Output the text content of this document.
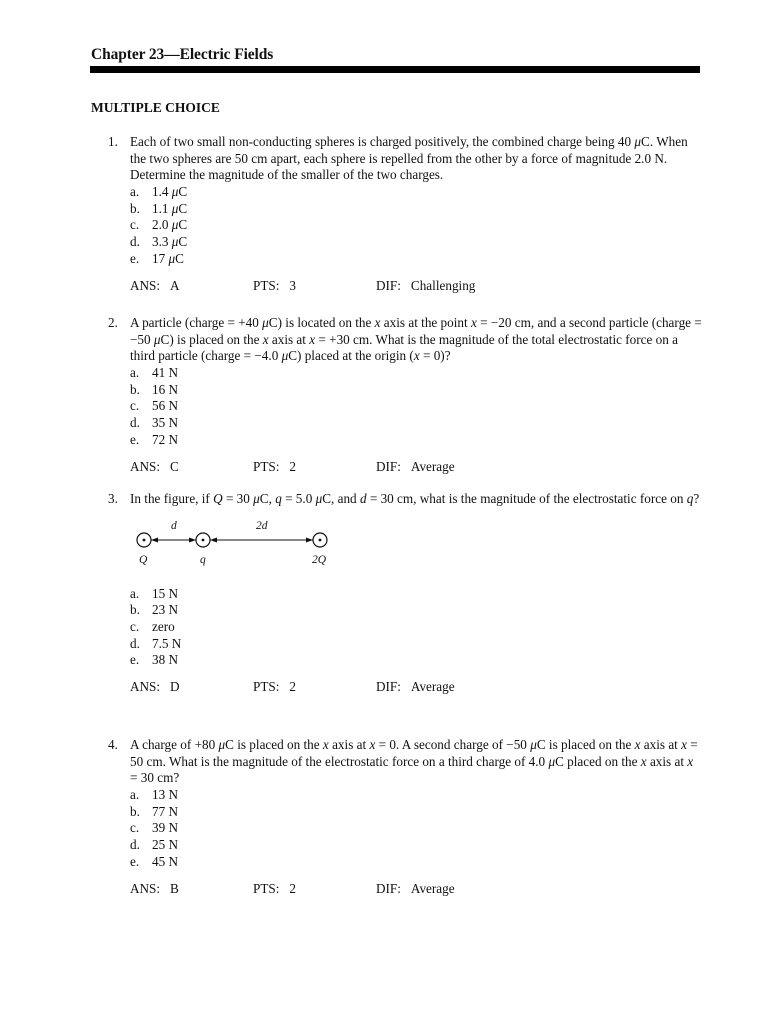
Chapter 23—Electric Fields
MULTIPLE CHOICE
1. Each of two small non-conducting spheres is charged positively, the combined charge being 40 μC. When the two spheres are 50 cm apart, each sphere is repelled from the other by a force of magnitude 2.0 N. Determine the magnitude of the smaller of the two charges.

a. 1.4 μC
b. 1.1 μC
c. 2.0 μC
d. 3.3 μC
e. 17 μC
ANS: A	PTS: 3	DIF: Challenging
2. A particle (charge = +40 μC) is located on the x axis at the point x = −20 cm, and a second particle (charge = −50 μC) is placed on the x axis at x = +30 cm. What is the magnitude of the total electrostatic force on a third particle (charge = −4.0 μC) placed at the origin (x = 0)?

a. 41 N
b. 16 N
c. 56 N
d. 35 N
e. 72 N
ANS: C	PTS: 2	DIF: Average
3. In the figure, if Q = 30 μC, q = 5.0 μC, and d = 30 cm, what is the magnitude of the electrostatic force on q?

d	2d
Q	q	2Q
a. 15 N
b. 23 N
c. zero
d. 7.5 N
e. 38 N
ANS: D	PTS: 2	DIF: Average
4. A charge of +80 μC is placed on the x axis at x = 0. A second charge of −50 μC is placed on the x axis at x = 50 cm. What is the magnitude of the electrostatic force on a third charge of 4.0 μC placed on the x axis at x = 30 cm?

a. 13 N
b. 77 N
c. 39 N
d. 25 N
e. 45 N
ANS: B	PTS: 2	DIF: Average
